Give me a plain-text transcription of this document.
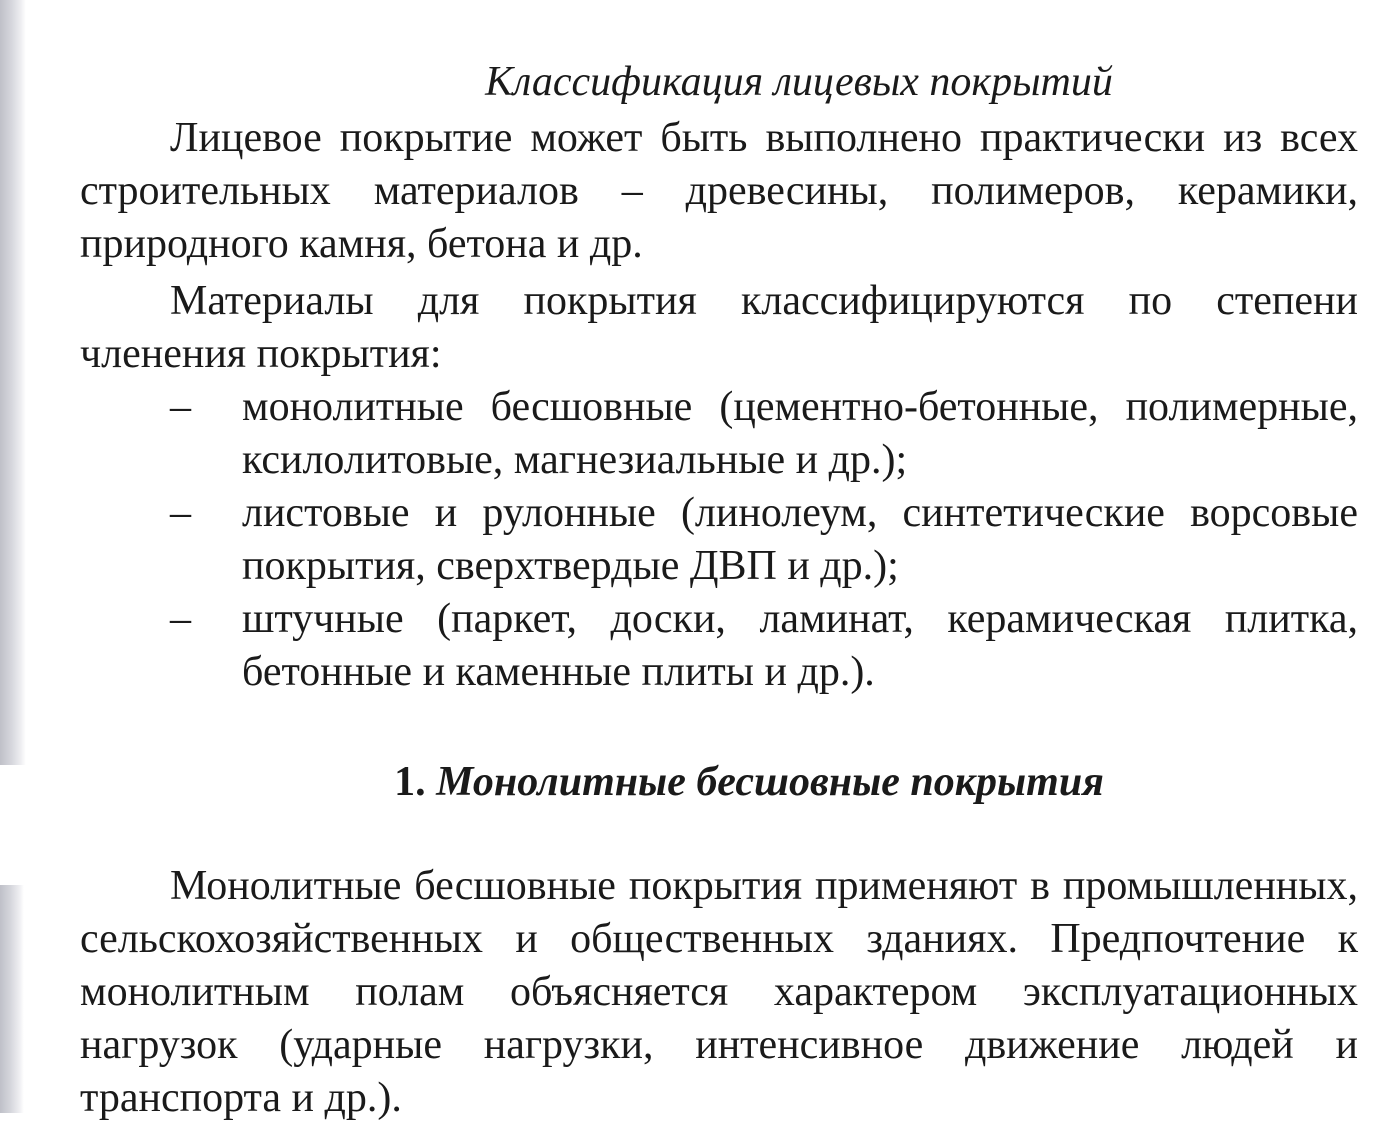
Классификация лицевых покрытий

Лицевое покрытие может быть выполнено практически из всех строительных материалов – древесины, полимеров, керамики, природного камня, бетона и др.

Материалы для покрытия классифицируются по степени членения покрытия:

– монолитные бесшовные (цементно-бетонные, полимерные, ксилолитовые, магнезиальные и др.);
– листовые и рулонные (линолеум, синтетические ворсовые покрытия, сверхтвердые ДВП и др.);
– штучные (паркет, доски, ламинат, керамическая плитка, бетонные и каменные плиты и др.).
1. Монолитные бесшовные покрытия

Монолитные бесшовные покрытия применяют в промышленных, сельскохозяйственных и общественных зданиях. Предпочтение к монолитным полам объясняется характером эксплуатационных нагрузок (ударные нагрузки, интенсивное движение людей и транспорта и др.).
